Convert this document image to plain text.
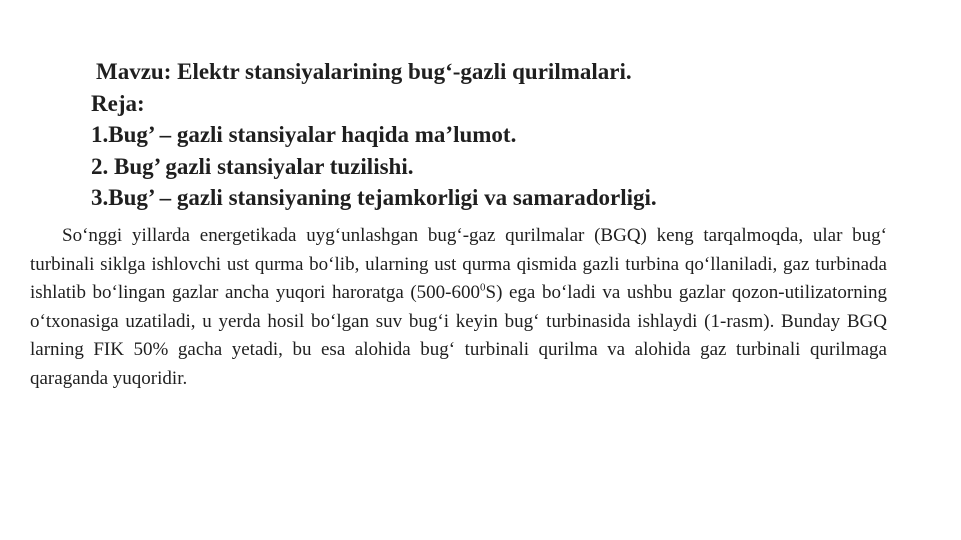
Mavzu: Elektr stansiyalarining bug‘-gazli qurilmalari.
Reja:
1.Bug’ – gazli stansiyalar haqida ma’lumot.
2. Bug’ gazli stansiyalar tuzilishi.
3.Bug’ – gazli stansiyaning tejamkorligi va samaradorligi.
So‘nggi yillarda energetikada uyg‘unlashgan bug‘-gaz qurilmalar (BGQ) keng tarqalmoqda, ular bug‘ turbinali siklga ishlovchi ust qurma bo‘lib, ularning ust qurma qismida gazli turbina qo‘llaniladi, gaz turbinada ishlatib bo‘lingan gazlar ancha yuqori haroratga $(500-600^0S)$ ega bo‘ladi va ushbu gazlar qozon-utilizatorning o‘txonasiga uzatiladi, u yerda hosil bo‘lgan suv bug‘i keyin bug‘ turbinasida ishlaydi (1-rasm). Bunday BGQ larning FIK 50% gacha yetadi, bu esa alohida bug‘ turbinali qurilma va alohida gaz turbinali qurilmaga qaraganda yuqoridir.
